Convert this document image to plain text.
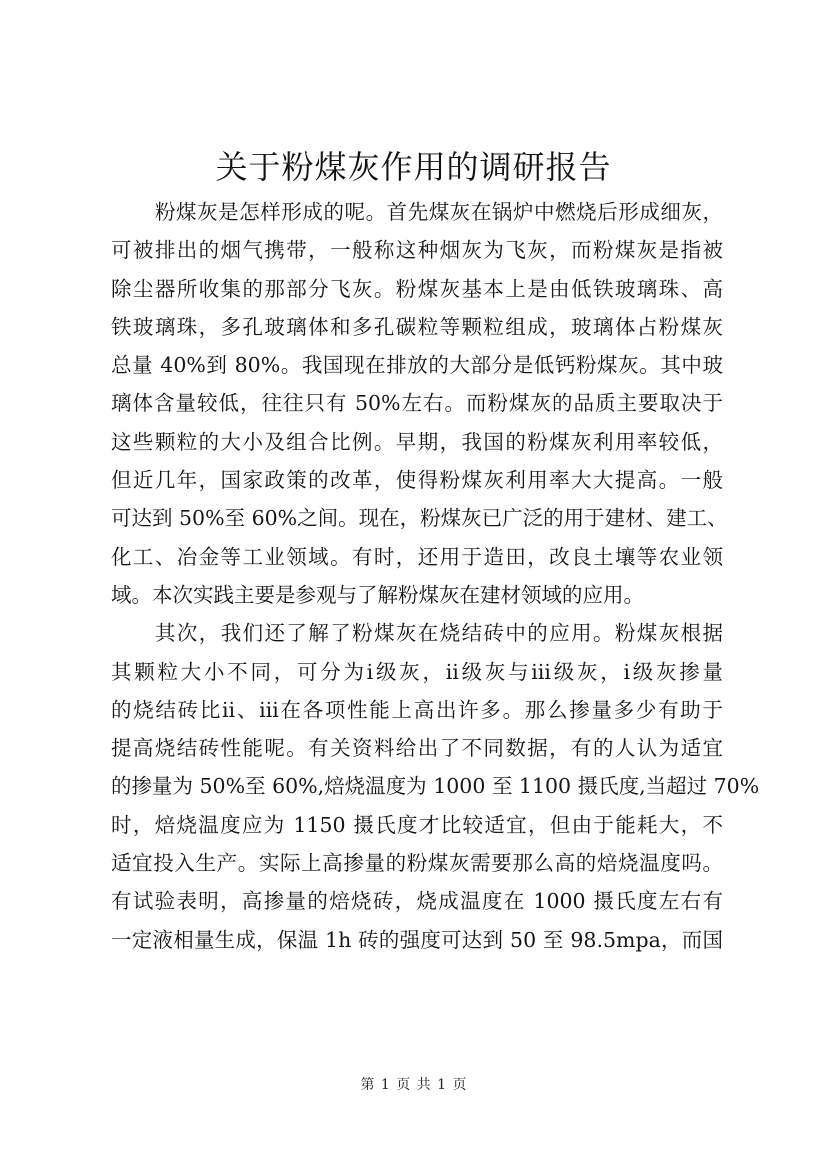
关于粉煤灰作用的调研报告
粉煤灰是怎样形成的呢。首先煤灰在锅炉中燃烧后形成细灰，
可被排出的烟气携带，一般称这种烟灰为飞灰，而粉煤灰是指被
除尘器所收集的那部分飞灰。粉煤灰基本上是由低铁玻璃珠、高
铁玻璃珠，多孔玻璃体和多孔碳粒等颗粒组成，玻璃体占粉煤灰
总量 40%到 80%。我国现在排放的大部分是低钙粉煤灰。其中玻
璃体含量较低，往往只有 50%左右。而粉煤灰的品质主要取决于
这些颗粒的大小及组合比例。早期，我国的粉煤灰利用率较低，
但近几年，国家政策的改革，使得粉煤灰利用率大大提高。一般
可达到 50%至 60%之间。现在，粉煤灰已广泛的用于建材、建工、
化工、冶金等工业领域。有时，还用于造田，改良土壤等农业领
域。本次实践主要是参观与了解粉煤灰在建材领域的应用。
其次，我们还了解了粉煤灰在烧结砖中的应用。粉煤灰根据
其颗粒大小不同，可分为ⅰ级灰，ⅱ级灰与ⅲ级灰，ⅰ级灰掺量
的烧结砖比ⅱ、ⅲ在各项性能上高出许多。那么掺量多少有助于
提高烧结砖性能呢。有关资料给出了不同数据，有的人认为适宜
的掺量为 50%至 60%,焙烧温度为 1000 至 1100 摄氏度,当超过 70%
时，焙烧温度应为 1150 摄氏度才比较适宜，但由于能耗大，不
适宜投入生产。实际上高掺量的粉煤灰需要那么高的焙烧温度吗。
有试验表明，高掺量的焙烧砖，烧成温度在 1000 摄氏度左右有
一定液相量生成，保温 1h 砖的强度可达到 50 至 98.5mpa，而国
第 1 页 共 1 页
